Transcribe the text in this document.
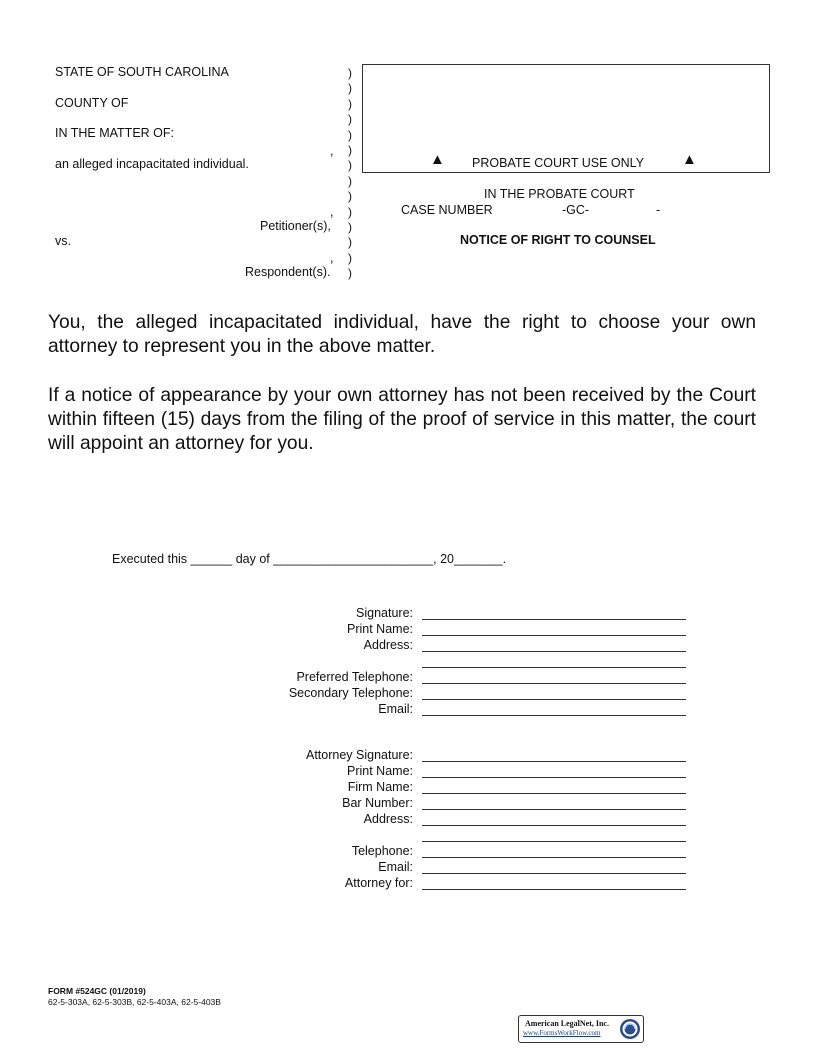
STATE OF SOUTH CAROLINA
COUNTY OF
IN THE MATTER OF:
,
an alleged incapacitated individual.
,
Petitioner(s),
vs.
,
Respondent(s).
)
)
)
)
)
)
)
)
)
)
)
)
)
)
▲ PROBATE COURT USE ONLY	▲
IN THE PROBATE COURT
CASE NUMBER	-GC-	-
NOTICE OF RIGHT TO COUNSEL
You, the alleged incapacitated individual, have the right to choose your own attorney to represent you in the above matter.
If a notice of appearance by your own attorney has not been received by the Court within fifteen (15) days from the filing of the proof of service in this matter, the court will appoint an attorney for you.
Executed this ______ day of _______________________, 20_______.
Signature:
Print Name:
Address:
Preferred Telephone:
Secondary Telephone:
Email:
Attorney Signature:
Print Name:
Firm Name:
Bar Number:
Address:
Telephone:
Email:
Attorney for:
FORM #524GC (01/2019)
62-5-303A, 62-5-303B, 62-5-403A, 62-5-403B
American LegalNet, Inc.
www.FormsWorkFlow.com
